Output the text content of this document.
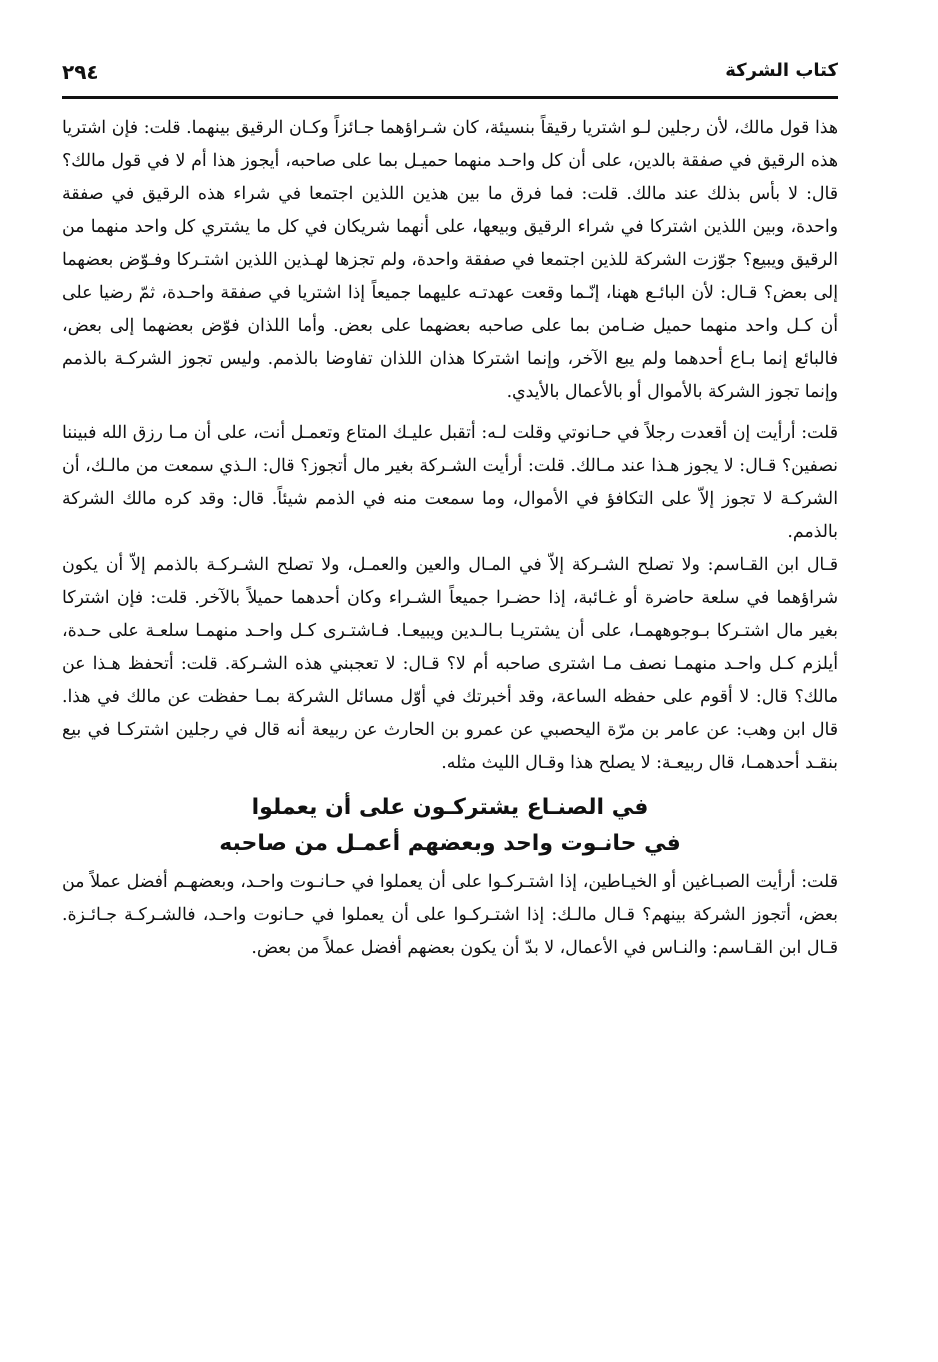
كتاب الشركة
٢٩٤

هذا قول مالك، لأن رجلين لـو اشتريا رقيقاً بنسيئة، كان شـراؤهما جـائزاً وكـان الرقيق بينهما. قلت: فإن اشتريا هذه الرقيق في صفقة بالدين، على أن كل واحـد منهما حميـل بما على صاحبه، أيجوز هذا أم لا في قول مالك؟ قال: لا بأس بذلك عند مالك. قلت: فما فرق ما بين هذين اللذين اجتمعا في شراء هذه الرقيق في صفقة واحدة، وبين اللذين اشتركا في شراء الرقيق وبيعها، على أنهما شريكان في كل ما يشتري كل واحد منهما من الرقيق ويبيع؟ جوّزت الشركة للذين اجتمعا في صفقة واحدة، ولم تجزها لهـذين اللذين اشتـركا وفـوّض بعضهما إلى بعض؟ قـال: لأن البائـع ههنا، إنّـما وقعت عهدتـه عليهما جميعاً إذا اشتريا في صفقة واحـدة، ثمّ رضيا على أن كـل واحد منهما حميل ضـامن بما على صاحبه بعضهما على بعض. وأما اللذان فوّض بعضهما إلى بعض، فالبائع إنما بـاع أحدهما ولم يبع الآخر، وإنما اشتركا هذان اللذان تفاوضا بالذمم. وليس تجوز الشركـة بالذمم وإنما تجوز الشركة بالأموال أو بالأعمال بالأيدي.

قلت: أرأيت إن أقعدت رجلاً في حـانوتي وقلت لـه: أتقبل عليـك المتاع وتعمـل أنت، على أن مـا رزق الله فبيننا نصفين؟ قـال: لا يجوز هـذا عند مـالك. قلت: أرأيت الشـركة بغير مال أتجوز؟ قال: الـذي سمعت من مالـك، أن الشركـة لا تجوز إلاّ على التكافؤ في الأموال، وما سمعت منه في الذمم شيئاً. قال: وقد كره مالك الشركة بالذمم.

قـال ابن القـاسم: ولا تصلح الشـركة إلاّ في المـال والعين والعمـل، ولا تصلح الشـركـة بالذمم إلاّ أن يكون شراؤهما في سلعة حاضرة أو غـائبة، إذا حضـرا جميعاً الشـراء وكان أحدهما حميلاً بالآخر. قلت: فإن اشتركا بغير مال اشتـركا بـوجوههمـا، على أن يشتريـا بـالـدين ويبيعـا. فـاشتـرى كـل واحـد منهمـا سلعـة على حـدة، أيلزم كـل واحـد منهمـا نصف مـا اشترى صاحبه أم لا؟ قـال: لا تعجبني هذه الشـركة. قلت: أتحفظ هـذا عن مالك؟ قال: لا أقوم على حفظه الساعة، وقد أخبرتك في أوّل مسائل الشركة بمـا حفظت عن مالك في هذا. قال ابن وهب: عن عامر بن مرّة اليحصبي عن عمرو بن الحارث عن ربيعة أنه قال في رجلين اشتركـا في بيع بنقـد أحدهمـا، قال ربيعـة: لا يصلح هذا وقـال الليث مثله.

في الصنـاع يشتركـون على أن يعملوا
في حانـوت واحد وبعضهم أعمـل من صاحبه

قلت: أرأيت الصبـاغين أو الخيـاطين، إذا اشتـركـوا على أن يعملوا في حـانـوت واحـد، وبعضهـم أفضل عملاً من بعض، أتجوز الشركة بينهم؟ قـال مالـك: إذا اشتـركـوا على أن يعملوا في حـانوت واحـد، فالشـركـة جـائـزة. قـال ابن القـاسم: والنـاس في الأعمال، لا بدّ أن يكون بعضهم أفضل عملاً من بعض.
